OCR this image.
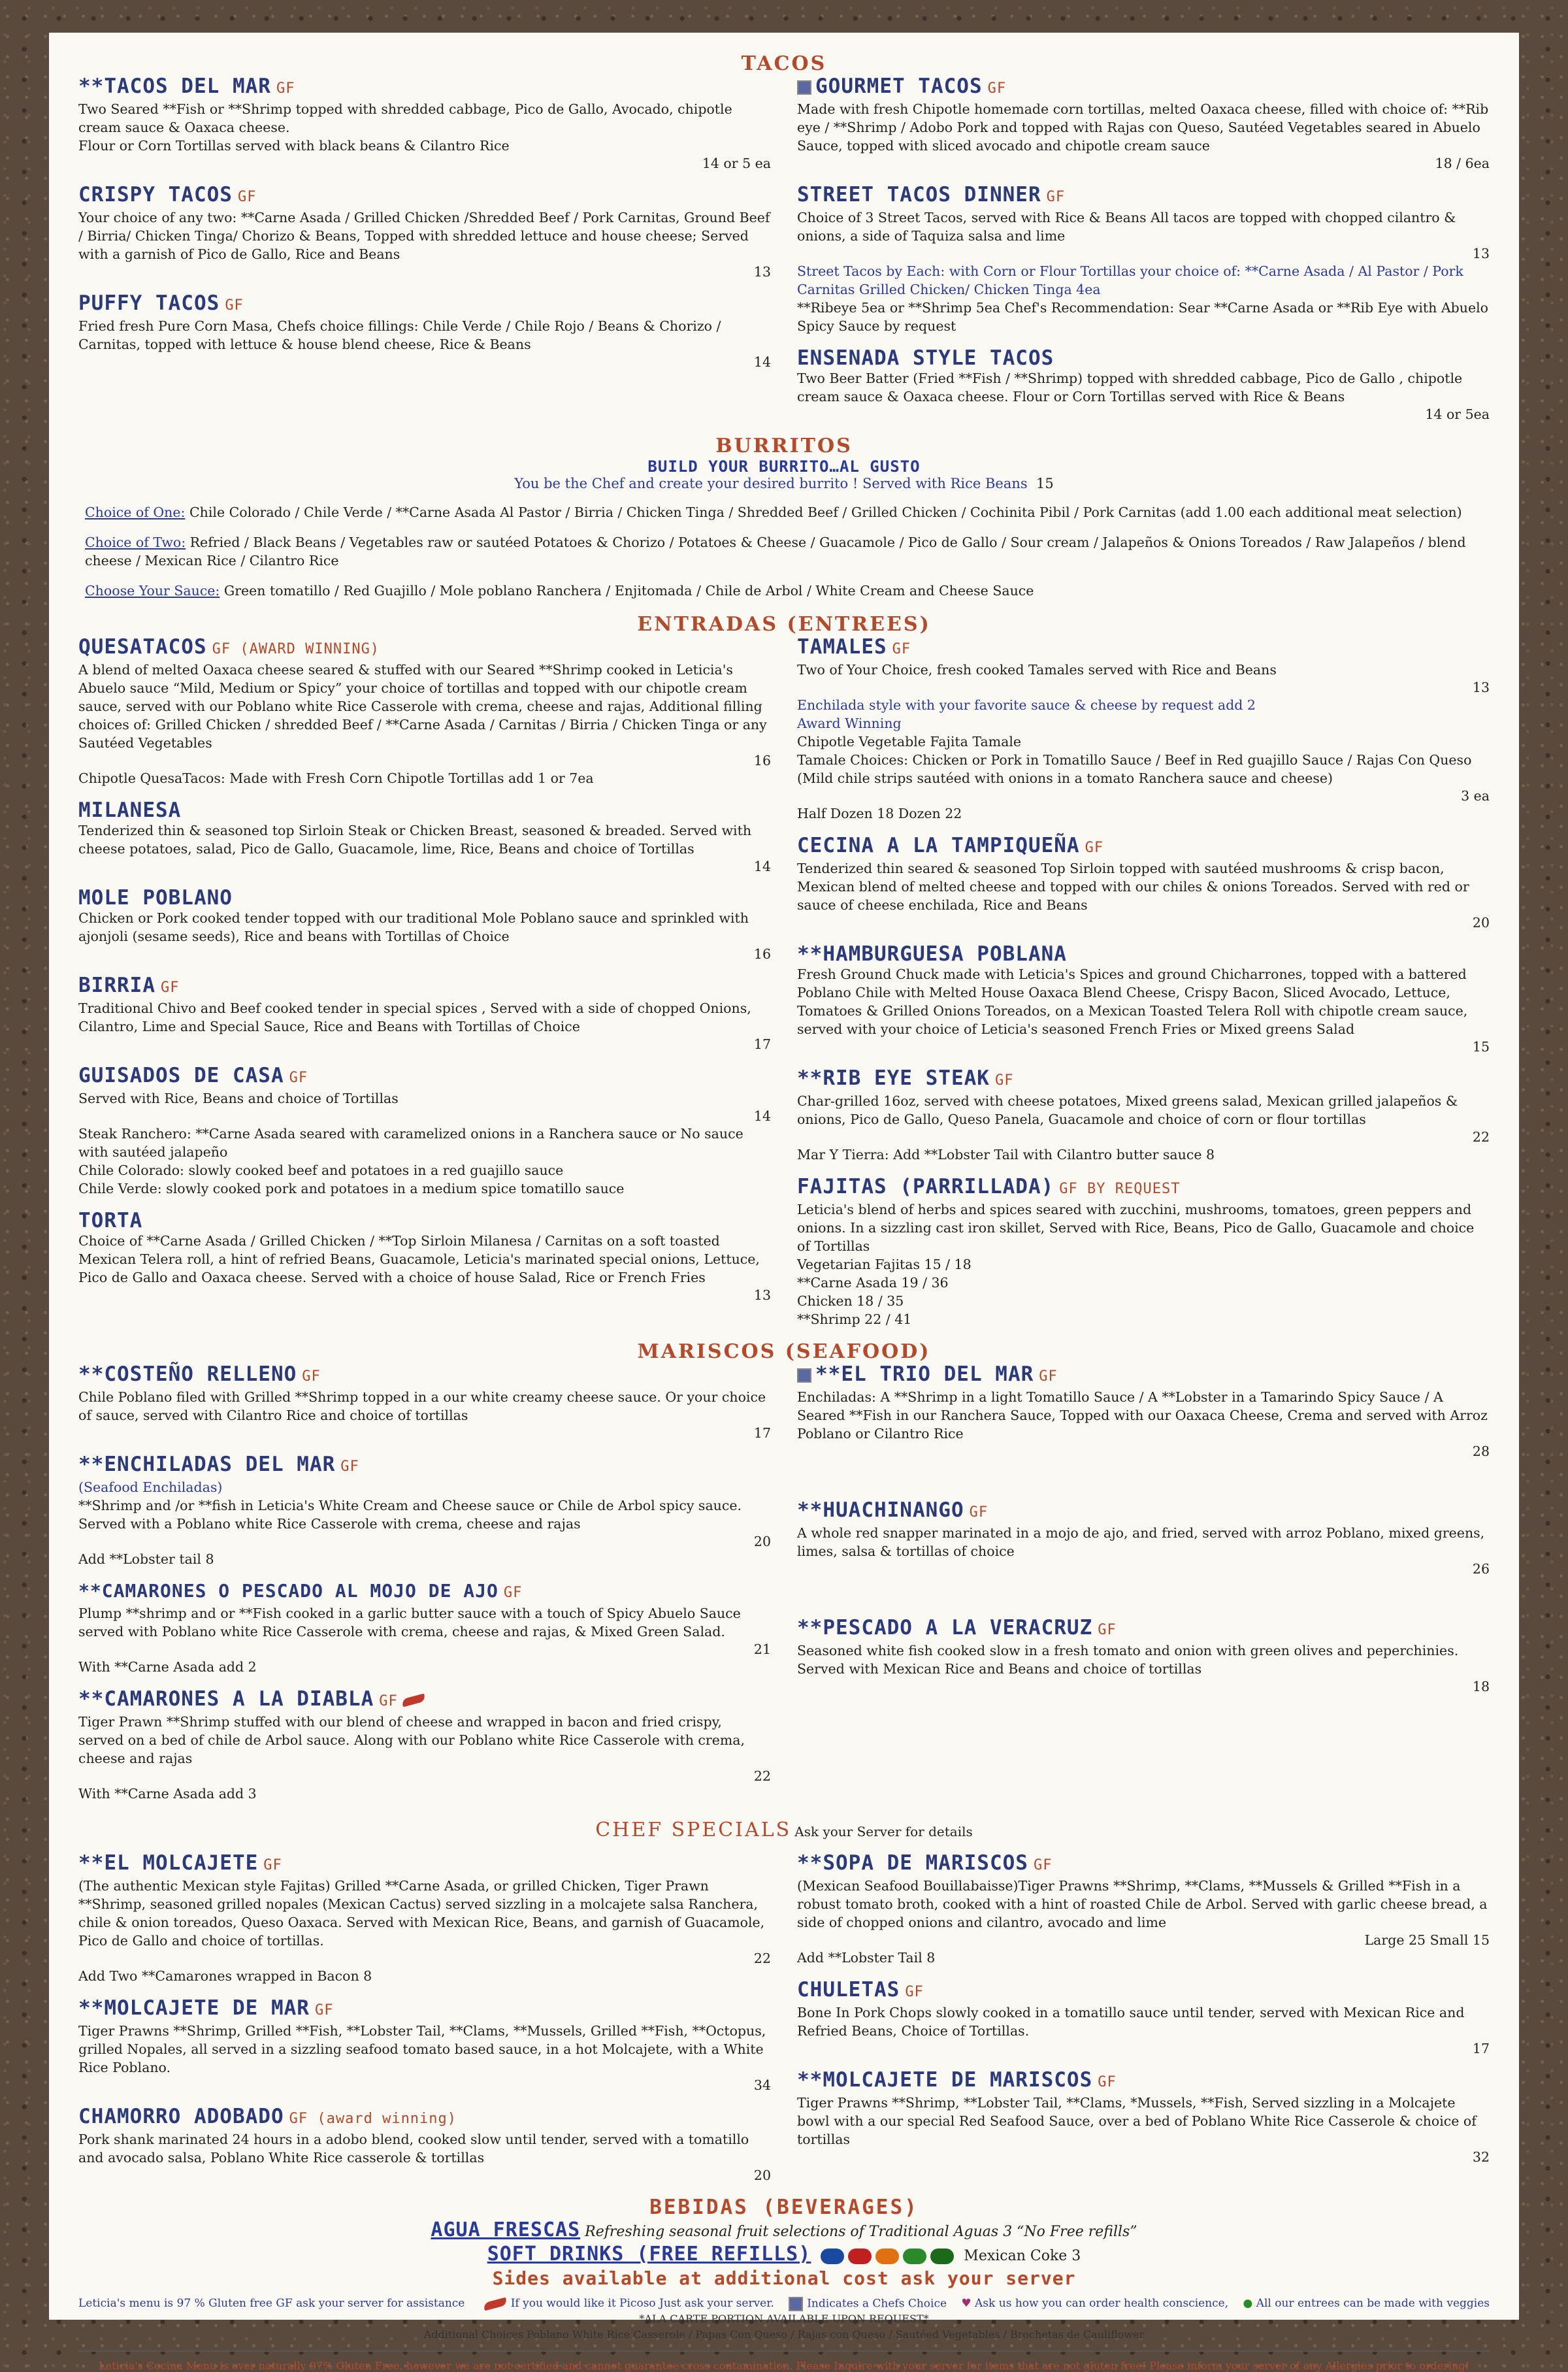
TACOS
**TACOS DEL MAR GF
Two Seared **Fish or **Shrimp topped with shredded cabbage, Pico de Gallo, Avocado, chipotle cream sauce & Oaxaca cheese.
Flour or Corn Tortillas served with black beans & Cilantro Rice
14 or 5 ea
CRISPY TACOS GF
Your choice of any two: **Carne Asada / Grilled Chicken /Shredded Beef / Pork Carnitas, Ground Beef / Birria/ Chicken Tinga/ Chorizo & Beans, Topped with shredded lettuce and house cheese; Served with a garnish of Pico de Gallo, Rice and Beans
13
PUFFY TACOS GF
Fried fresh Pure Corn Masa, Chefs choice fillings: Chile Verde / Chile Rojo / Beans & Chorizo / Carnitas, topped with lettuce & house blend cheese, Rice & Beans
14
GOURMET TACOS GF
Made with fresh Chipotle homemade corn tortillas, melted Oaxaca cheese, filled with choice of: **Rib eye / **Shrimp / Adobo Pork and topped with Rajas con Queso, Sautéed Vegetables seared in Abuelo Sauce, topped with sliced avocado and chipotle cream sauce
18 / 6ea
STREET TACOS DINNER GF
Choice of 3 Street Tacos, served with Rice & Beans All tacos are topped with chopped cilantro & onions, a side of Taquiza salsa and lime
13
Street Tacos by Each: with Corn or Flour Tortillas your choice of: **Carne Asada / Al Pastor / Pork Carnitas Grilled Chicken/ Chicken Tinga 4ea
**Ribeye 5ea or **Shrimp 5ea Chef's Recommendation: Sear **Carne Asada or **Rib Eye with Abuelo Spicy Sauce by request
ENSENADA STYLE TACOS
Two Beer Batter (Fried **Fish / **Shrimp) topped with shredded cabbage, Pico de Gallo , chipotle cream sauce & Oaxaca cheese. Flour or Corn Tortillas served with Rice & Beans
14 or 5ea
BURRITOS
BUILD YOUR BURRITO…AL GUSTO
You be the Chef and create your desired burrito ! Served with Rice Beans 15
Choice of One: Chile Colorado / Chile Verde / **Carne Asada Al Pastor / Birria / Chicken Tinga / Shredded Beef / Grilled Chicken / Cochinita Pibil / Pork Carnitas (add 1.00 each additional meat selection)
Choice of Two: Refried / Black Beans / Vegetables raw or sautéed Potatoes & Chorizo / Potatoes & Cheese / Guacamole / Pico de Gallo / Sour cream / Jalapeños & Onions Toreados / Raw Jalapeños / blend cheese / Mexican Rice / Cilantro Rice
Choose Your Sauce: Green tomatillo / Red Guajillo / Mole poblano Ranchera / Enjitomada / Chile de Arbol / White Cream and Cheese Sauce
ENTRADAS (ENTREES)
QUESATACOS GF (AWARD WINNING)
A blend of melted Oaxaca cheese seared & stuffed with our Seared **Shrimp cooked in Leticia's Abuelo sauce “Mild, Medium or Spicy” your choice of tortillas and topped with our chipotle cream sauce, served with our Poblano white Rice Casserole with crema, cheese and rajas, Additional filling choices of: Grilled Chicken / shredded Beef / **Carne Asada / Carnitas / Birria / Chicken Tinga or any Sautéed Vegetables
16
Chipotle QuesaTacos: Made with Fresh Corn Chipotle Tortillas add 1 or 7ea
MILANESA
Tenderized thin & seasoned top Sirloin Steak or Chicken Breast, seasoned & breaded. Served with cheese potatoes, salad, Pico de Gallo, Guacamole, lime, Rice, Beans and choice of Tortillas
14
MOLE POBLANO
Chicken or Pork cooked tender topped with our traditional Mole Poblano sauce and sprinkled with ajonjoli (sesame seeds), Rice and beans with Tortillas of Choice
16
BIRRIA GF
Traditional Chivo and Beef cooked tender in special spices , Served with a side of chopped Onions, Cilantro, Lime and Special Sauce, Rice and Beans with Tortillas of Choice
17
GUISADOS DE CASA GF
Served with Rice, Beans and choice of Tortillas
14
Steak Ranchero: **Carne Asada seared with caramelized onions in a Ranchera sauce or No sauce with sautéed jalapeño
Chile Colorado: slowly cooked beef and potatoes in a red guajillo sauce
Chile Verde: slowly cooked pork and potatoes in a medium spice tomatillo sauce
TORTA
Choice of **Carne Asada / Grilled Chicken / **Top Sirloin Milanesa / Carnitas on a soft toasted Mexican Telera roll, a hint of refried Beans, Guacamole, Leticia's marinated special onions, Lettuce, Pico de Gallo and Oaxaca cheese. Served with a choice of house Salad, Rice or French Fries
13
TAMALES GF
Two of Your Choice, fresh cooked Tamales served with Rice and Beans
13
Enchilada style with your favorite sauce & cheese by request add 2
Award Winning
Chipotle Vegetable Fajita Tamale
Tamale Choices: Chicken or Pork in Tomatillo Sauce / Beef in Red guajillo Sauce / Rajas Con Queso (Mild chile strips sautéed with onions in a tomato Ranchera sauce and cheese)
3 ea
Half Dozen 18 Dozen 22
CECINA A LA TAMPIQUEÑA GF
Tenderized thin seared & seasoned Top Sirloin topped with sautéed mushrooms & crisp bacon, Mexican blend of melted cheese and topped with our chiles & onions Toreados. Served with red or sauce of cheese enchilada, Rice and Beans
20
**HAMBURGUESA POBLANA
Fresh Ground Chuck made with Leticia's Spices and ground Chicharrones, topped with a battered Poblano Chile with Melted House Oaxaca Blend Cheese, Crispy Bacon, Sliced Avocado, Lettuce, Tomatoes & Grilled Onions Toreados, on a Mexican Toasted Telera Roll with chipotle cream sauce, served with your choice of Leticia's seasoned French Fries or Mixed greens Salad
15
**RIB EYE STEAK GF
Char-grilled 16oz, served with cheese potatoes, Mixed greens salad, Mexican grilled jalapeños & onions, Pico de Gallo, Queso Panela, Guacamole and choice of corn or flour tortillas
22
Mar Y Tierra: Add **Lobster Tail with Cilantro butter sauce 8
FAJITAS (PARRILLADA) GF BY REQUEST
Leticia's blend of herbs and spices seared with zucchini, mushrooms, tomatoes, green peppers and onions. In a sizzling cast iron skillet, Served with Rice, Beans, Pico de Gallo, Guacamole and choice of Tortillas
Vegetarian Fajitas 15 / 18
**Carne Asada 19 / 36
Chicken 18 / 35
**Shrimp 22 / 41
MARISCOS (SEAFOOD)
**COSTEÑO RELLENO GF
Chile Poblano filed with Grilled **Shrimp topped in a our white creamy cheese sauce. Or your choice of sauce, served with Cilantro Rice and choice of tortillas
17
**ENCHILADAS DEL MAR GF
(Seafood Enchiladas)
**Shrimp and /or **fish in Leticia's White Cream and Cheese sauce or Chile de Arbol spicy sauce. Served with a Poblano white Rice Casserole with crema, cheese and rajas
20
Add **Lobster tail 8
**CAMARONES O PESCADO AL MOJO DE AJO GF
Plump **shrimp and or **Fish cooked in a garlic butter sauce with a touch of Spicy Abuelo Sauce served with Poblano white Rice Casserole with crema, cheese and rajas, & Mixed Green Salad.
21
With **Carne Asada add 2
**CAMARONES A LA DIABLA GF
Tiger Prawn **Shrimp stuffed with our blend of cheese and wrapped in bacon and fried crispy, served on a bed of chile de Arbol sauce. Along with our Poblano white Rice Casserole with crema, cheese and rajas
22
With **Carne Asada add 3
**EL TRIO DEL MAR GF
Enchiladas: A **Shrimp in a light Tomatillo Sauce / A **Lobster in a Tamarindo Spicy Sauce / A Seared **Fish in our Ranchera Sauce, Topped with our Oaxaca Cheese, Crema and served with Arroz Poblano or Cilantro Rice
28
**HUACHINANGO GF
A whole red snapper marinated in a mojo de ajo, and fried, served with arroz Poblano, mixed greens, limes, salsa & tortillas of choice
26
**PESCADO A LA VERACRUZ GF
Seasoned white fish cooked slow in a fresh tomato and onion with green olives and peperchinies. Served with Mexican Rice and Beans and choice of tortillas
18
CHEF SPECIALS Ask your Server for details
**EL MOLCAJETE GF
(The authentic Mexican style Fajitas) Grilled **Carne Asada, or grilled Chicken, Tiger Prawn **Shrimp, seasoned grilled nopales (Mexican Cactus) served sizzling in a molcajete salsa Ranchera, chile & onion toreados, Queso Oaxaca. Served with Mexican Rice, Beans, and garnish of Guacamole, Pico de Gallo and choice of tortillas.
22
Add Two **Camarones wrapped in Bacon 8
**MOLCAJETE DE MAR GF
Tiger Prawns **Shrimp, Grilled **Fish, **Lobster Tail, **Clams, **Mussels, Grilled **Fish, **Octopus, grilled Nopales, all served in a sizzling seafood tomato based sauce, in a hot Molcajete, with a White Rice Poblano.
34
CHAMORRO ADOBADO GF (award winning)
Pork shank marinated 24 hours in a adobo blend, cooked slow until tender, served with a tomatillo and avocado salsa, Poblano White Rice casserole & tortillas
20
**SOPA DE MARISCOS GF
(Mexican Seafood Bouillabaisse)Tiger Prawns **Shrimp, **Clams, **Mussels & Grilled **Fish in a robust tomato broth, cooked with a hint of roasted Chile de Arbol. Served with garlic cheese bread, a side of chopped onions and cilantro, avocado and lime
Large 25 Small 15
Add **Lobster Tail 8
CHULETAS GF
Bone In Pork Chops slowly cooked in a tomatillo sauce until tender, served with Mexican Rice and Refried Beans, Choice of Tortillas.
17
**MOLCAJETE DE MARISCOS GF
Tiger Prawns **Shrimp, **Lobster Tail, **Clams, *Mussels, **Fish, Served sizzling in a Molcajete bowl with a our special Red Seafood Sauce, over a bed of Poblano White Rice Casserole & choice of tortillas
32
BEBIDAS (BEVERAGES)
AGUA FRESCAS Refreshing seasonal fruit selections of Traditional Aguas 3 “No Free refills”
SOFT DRINKS (FREE REFILLS)	Mexican Coke 3
Sides available at additional cost ask your server
Leticia's menu is 97 % Gluten free GF ask your server for assistance	If you would like it Picoso Just ask your server.	Indicates a Chefs Choice ♥ Ask us how you can order health conscience, ● All our entrees can be made with veggies
*ALA CARTE PORTION AVAILABLE UPON REQUEST*
Additional Choices Poblano White Rice Casserole / Papas Con Queso / Rajas con Queso / Sautéed Vegetables / Brochetas de Cauliflower
Leticia's Cocina Menu is over naturally 97% Gluten Free, however we are not certified and cannot guarantee cross contamination. Please Inquire with your server for items that are not gluten free! Please inform your server of any Allergies prior to ordering!
